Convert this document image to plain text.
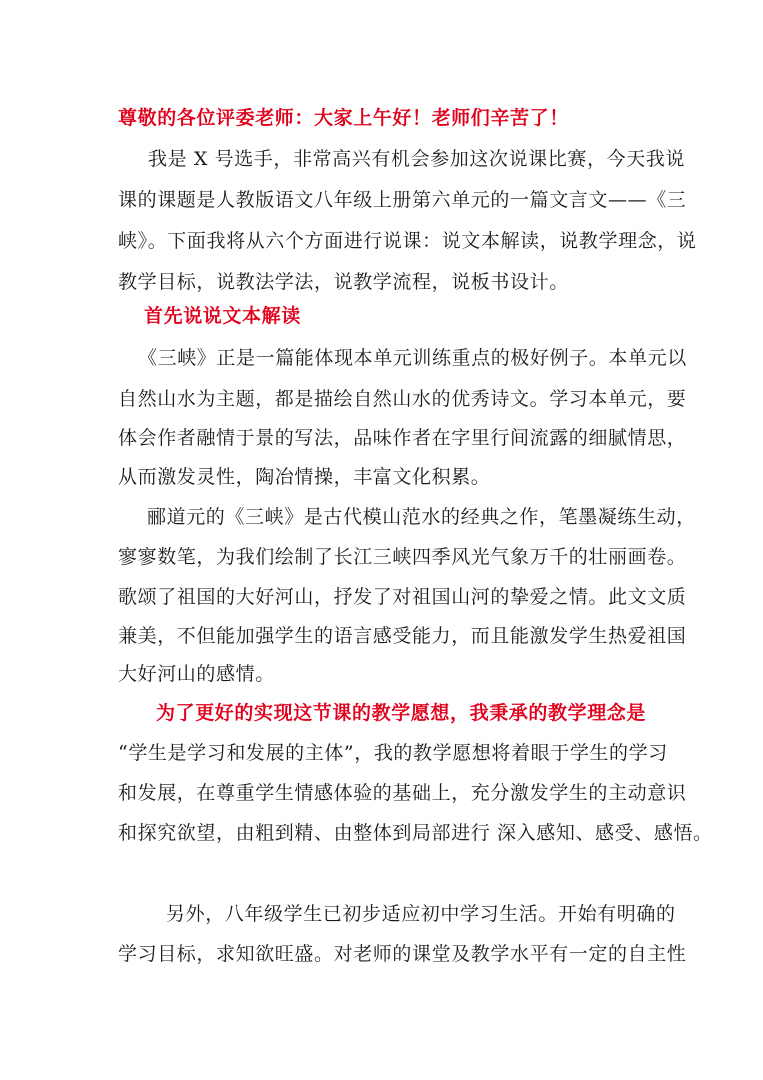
尊敬的各位评委老师：大家上午好！老师们辛苦了！
我是 X 号选手，非常高兴有机会参加这次说课比赛，今天我说
课的课题是人教版语文八年级上册第六单元的一篇文言文——《三
峡》。下面我将从六个方面进行说课：说文本解读，说教学理念，说
教学目标，说教法学法，说教学流程，说板书设计。
首先说说文本解读
《三峡》正是一篇能体现本单元训练重点的极好例子。本单元以
自然山水为主题，都是描绘自然山水的优秀诗文。学习本单元，要
体会作者融情于景的写法，品味作者在字里行间流露的细腻情思，
从而激发灵性，陶冶情操，丰富文化积累。
郦道元的《三峡》是古代模山范水的经典之作，笔墨凝练生动，
寥寥数笔，为我们绘制了长江三峡四季风光气象万千的壮丽画卷。
歌颂了祖国的大好河山，抒发了对祖国山河的挚爱之情。此文文质
兼美，不但能加强学生的语言感受能力，而且能激发学生热爱祖国
大好河山的感情。
为了更好的实现这节课的教学愿想，我秉承的教学理念是
“学生是学习和发展的主体”，我的教学愿想将着眼于学生的学习
和发展，在尊重学生情感体验的基础上，充分激发学生的主动意识
和探究欲望，由粗到精、由整体到局部进行 深入感知、感受、感悟。
另外，八年级学生已初步适应初中学习生活。开始有明确的
学习目标，求知欲旺盛。对老师的课堂及教学水平有一定的自主性
